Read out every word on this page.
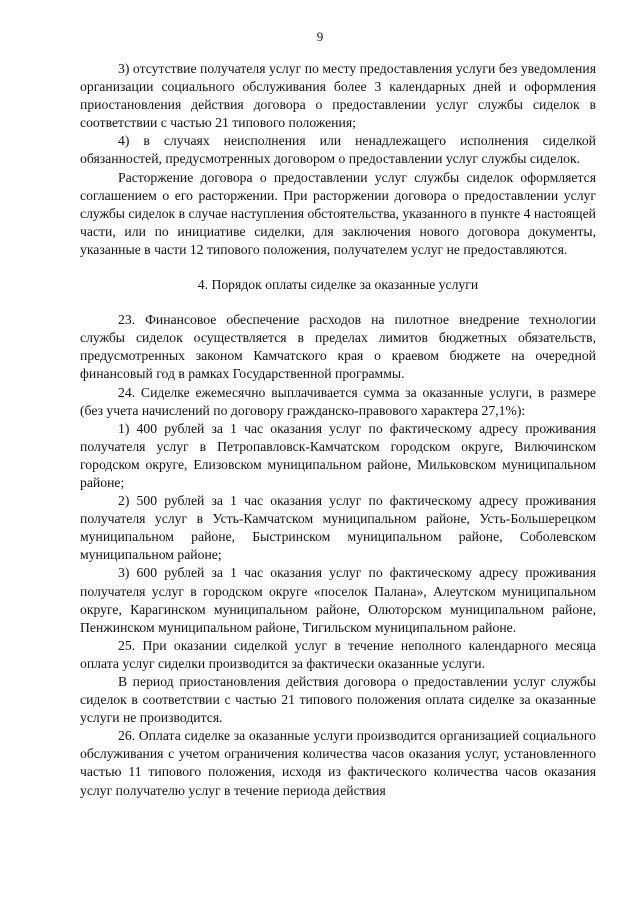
9

3) отсутствие получателя услуг по месту предоставления услуги без уведомления организации социального обслуживания более 3 календарных дней и оформления приостановления действия договора о предоставлении услуг службы сиделок в соответствии с частью 21 типового положения;

4) в случаях неисполнения или ненадлежащего исполнения сиделкой обязанностей, предусмотренных договором о предоставлении услуг службы сиделок.

Расторжение договора о предоставлении услуг службы сиделок оформляется соглашением о его расторжении. При расторжении договора о предоставлении услуг службы сиделок в случае наступления обстоятельства, указанного в пункте 4 настоящей части, или по инициативе сиделки, для заключения нового договора документы, указанные в части 12 типового положения, получателем услуг не предоставляются.

4. Порядок оплаты сиделке за оказанные услуги

23. Финансовое обеспечение расходов на пилотное внедрение технологии службы сиделок осуществляется в пределах лимитов бюджетных обязательств, предусмотренных законом Камчатского края о краевом бюджете на очередной финансовый год в рамках Государственной программы.

24. Сиделке ежемесячно выплачивается сумма за оказанные услуги, в размере (без учета начислений по договору гражданско-правового характера 27,1%):

1) 400 рублей за 1 час оказания услуг по фактическому адресу проживания получателя услуг в Петропавловск-Камчатском городском округе, Вилючинском городском округе, Елизовском муниципальном районе, Мильковском муниципальном районе;

2) 500 рублей за 1 час оказания услуг по фактическому адресу проживания получателя услуг в Усть-Камчатском муниципальном районе, Усть-Большерецком муниципальном районе, Быстринском муниципальном районе, Соболевском муниципальном районе;

3) 600 рублей за 1 час оказания услуг по фактическому адресу проживания получателя услуг в городском округе «поселок Палана», Алеутском муниципальном округе, Карагинском муниципальном районе, Олюторском муниципальном районе, Пенжинском муниципальном районе, Тигильском муниципальном районе.

25. При оказании сиделкой услуг в течение неполного календарного месяца оплата услуг сиделки производится за фактически оказанные услуги.

В период приостановления действия договора о предоставлении услуг службы сиделок в соответствии с частью 21 типового положения оплата сиделке за оказанные услуги не производится.

26. Оплата сиделке за оказанные услуги производится организацией социального обслуживания с учетом ограничения количества часов оказания услуг, установленного частью 11 типового положения, исходя из фактического количества часов оказания услуг получателю услуг в течение периода действия
